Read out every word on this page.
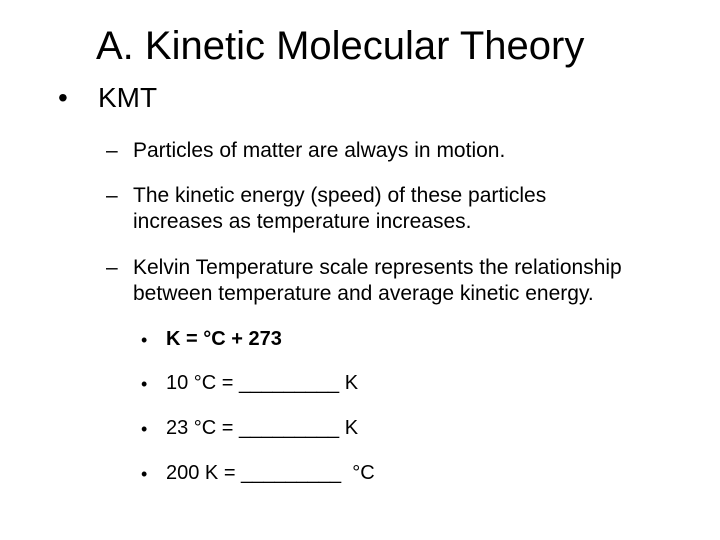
A. Kinetic Molecular Theory
• KMT
– Particles of matter are always in motion.
– The kinetic energy (speed) of these particles
increases as temperature increases.
– Kelvin Temperature scale represents the relationship
between temperature and average kinetic energy.
• K = °C + 273
• 10 °C = _________ K
• 23 °C = _________ K
• 200 K = _________  °C
